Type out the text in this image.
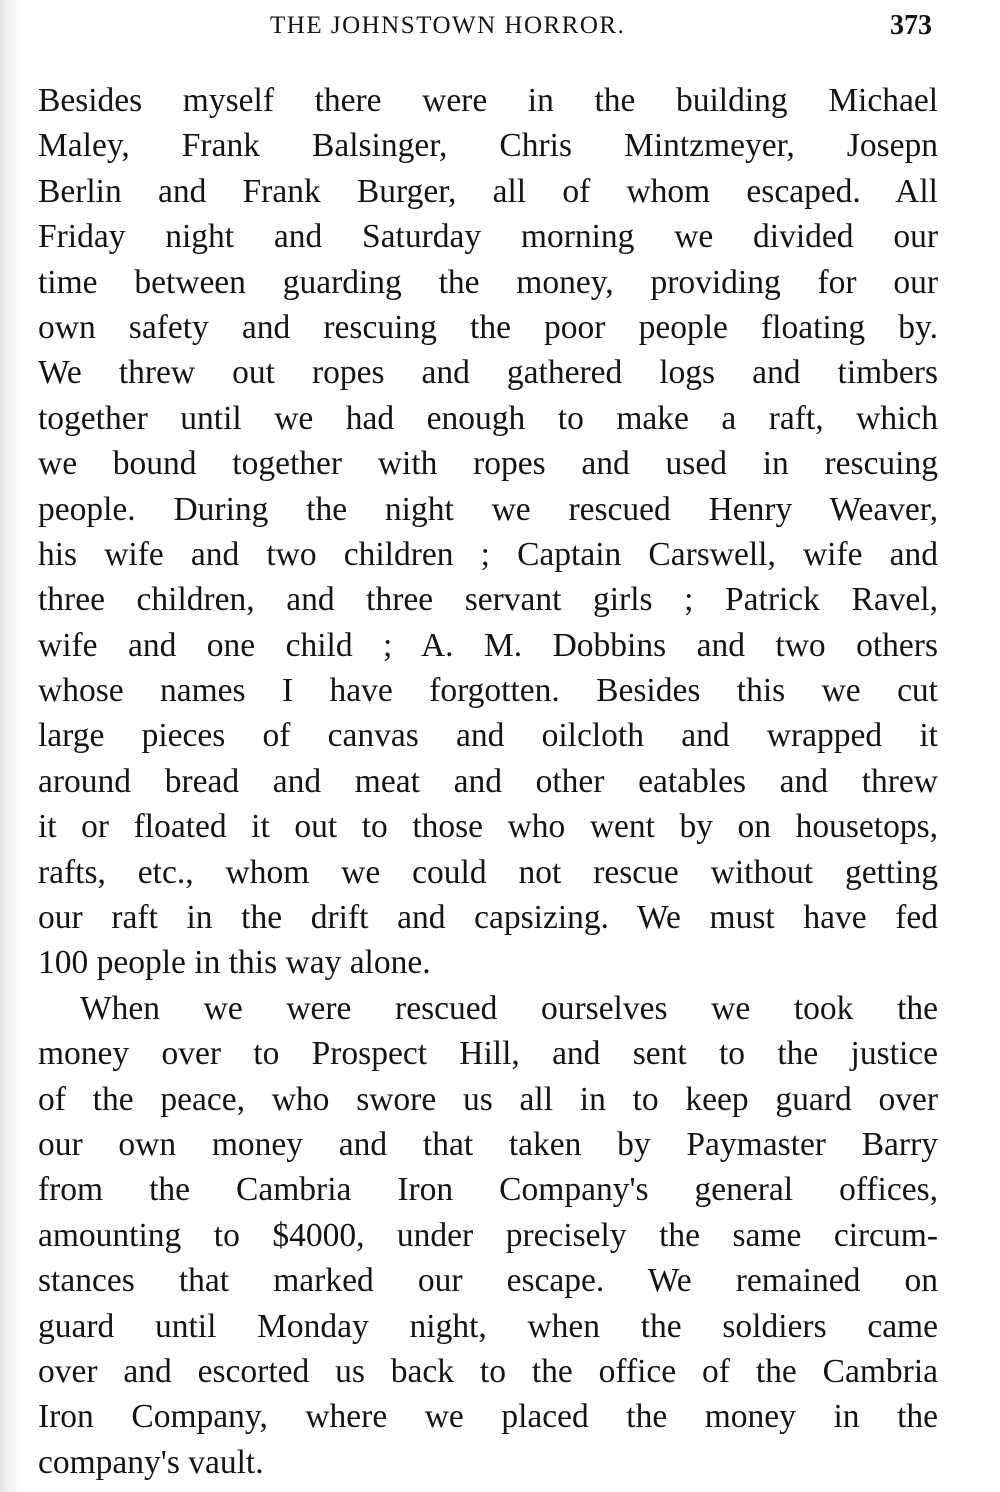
THE JOHNSTOWN HORROR.	373
Besides myself there were in the building Michael
Maley, Frank Balsinger, Chris Mintzmeyer, Josepn
Berlin and Frank Burger, all of whom escaped. All
Friday night and Saturday morning we divided our
time between guarding the money, providing for our
own safety and rescuing the poor people floating by.
We threw out ropes and gathered logs and timbers
together until we had enough to make a raft, which
we bound together with ropes and used in rescuing
people. During the night we rescued Henry Weaver,
his wife and two children ; Captain Carswell, wife and
three children, and three servant girls ; Patrick Ravel,
wife and one child ; A. M. Dobbins and two others
whose names I have forgotten. Besides this we cut
large pieces of canvas and oilcloth and wrapped it
around bread and meat and other eatables and threw
it or floated it out to those who went by on housetops,
rafts, etc., whom we could not rescue without getting
our raft in the drift and capsizing. We must have fed
100 people in this way alone.
When we were rescued ourselves we took the
money over to Prospect Hill, and sent to the justice
of the peace, who swore us all in to keep guard over
our own money and that taken by Paymaster Barry
from the Cambria Iron Company's general offices,
amounting to $4000, under precisely the same circum-
stances that marked our escape. We remained on
guard until Monday night, when the soldiers came
over and escorted us back to the office of the Cambria
Iron Company, where we placed the money in the
company's vault.
